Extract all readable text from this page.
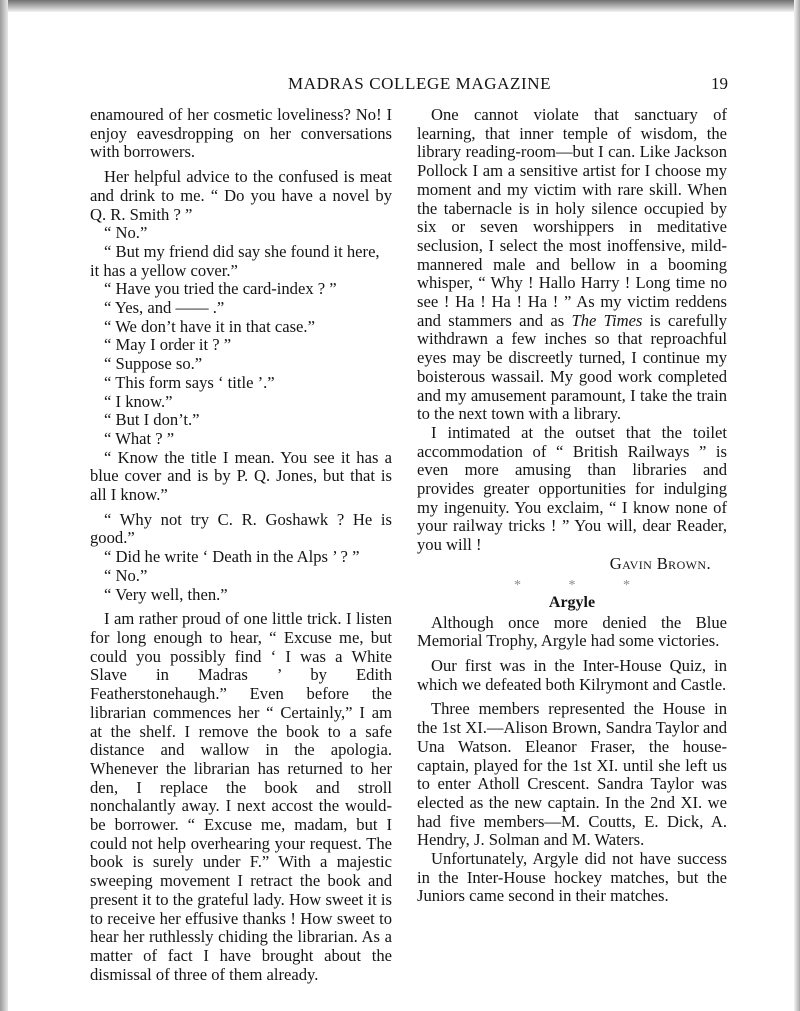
MADRAS COLLEGE MAGAZINE	19

enamoured of her cosmetic loveliness? No! I enjoy eavesdropping on her conversations with borrowers.

Her helpful advice to the confused is meat and drink to me. “ Do you have a novel by Q. R. Smith ? ”

“ No.”

“ But my friend did say she found it here, it has a yellow cover.”

“ Have you tried the card-index ? ”

“ Yes, and —— .”

“ We don’t have it in that case.”

“ May I order it ? ”

“ Suppose so.”

“ This form says ‘ title ’.”

“ I know.”

“ But I don’t.”

“ What ? ”

“ Know the title I mean. You see it has a blue cover and is by P. Q. Jones, but that is all I know.”

“ Why not try C. R. Goshawk ? He is good.”

“ Did he write ‘ Death in the Alps ’ ? ”

“ No.”

“ Very well, then.”

I am rather proud of one little trick. I listen for long enough to hear, “ Excuse me, but could you possibly find ‘ I was a White Slave in Madras ’ by Edith Featherstonehaugh.” Even before the librarian commences her “ Certainly,” I am at the shelf. I remove the book to a safe distance and wallow in the apologia. Whenever the librarian has returned to her den, I replace the book and stroll nonchalantly away. I next accost the would-be borrower. “ Excuse me, madam, but I could not help overhearing your request. The book is surely under F.” With a majestic sweeping movement I retract the book and present it to the grateful lady. How sweet it is to receive her effusive thanks ! How sweet to hear her ruthlessly chiding the librarian. As a matter of fact I have brought about the dismissal of three of them already.

One cannot violate that sanctuary of learning, that inner temple of wisdom, the library reading-room—but I can. Like Jackson Pollock I am a sensitive artist for I choose my moment and my victim with rare skill. When the tabernacle is in holy silence occupied by six or seven worshippers in meditative seclusion, I select the most inoffensive, mild-mannered male and bellow in a booming whisper, “ Why ! Hallo Harry ! Long time no see ! Ha ! Ha ! Ha ! ” As my victim reddens and stammers and as The Times is carefully withdrawn a few inches so that reproachful eyes may be discreetly turned, I continue my boisterous wassail. My good work completed and my amusement paramount, I take the train to the next town with a library.

I intimated at the outset that the toilet accommodation of “ British Railways ” is even more amusing than libraries and provides greater opportunities for indulging my ingenuity. You exclaim, “ I know none of your railway tricks ! ” You will, dear Reader, you will !

Gavin Brown.

* * *

Argyle

Although once more denied the Blue Memorial Trophy, Argyle had some victories.

Our first was in the Inter-House Quiz, in which we defeated both Kilrymont and Castle.

Three members represented the House in the 1st XI.—Alison Brown, Sandra Taylor and Una Watson. Eleanor Fraser, the house-captain, played for the 1st XI. until she left us to enter Atholl Crescent. Sandra Taylor was elected as the new captain. In the 2nd XI. we had five members—M. Coutts, E. Dick, A. Hendry, J. Solman and M. Waters.

Unfortunately, Argyle did not have success in the Inter-House hockey matches, but the Juniors came second in their matches.
